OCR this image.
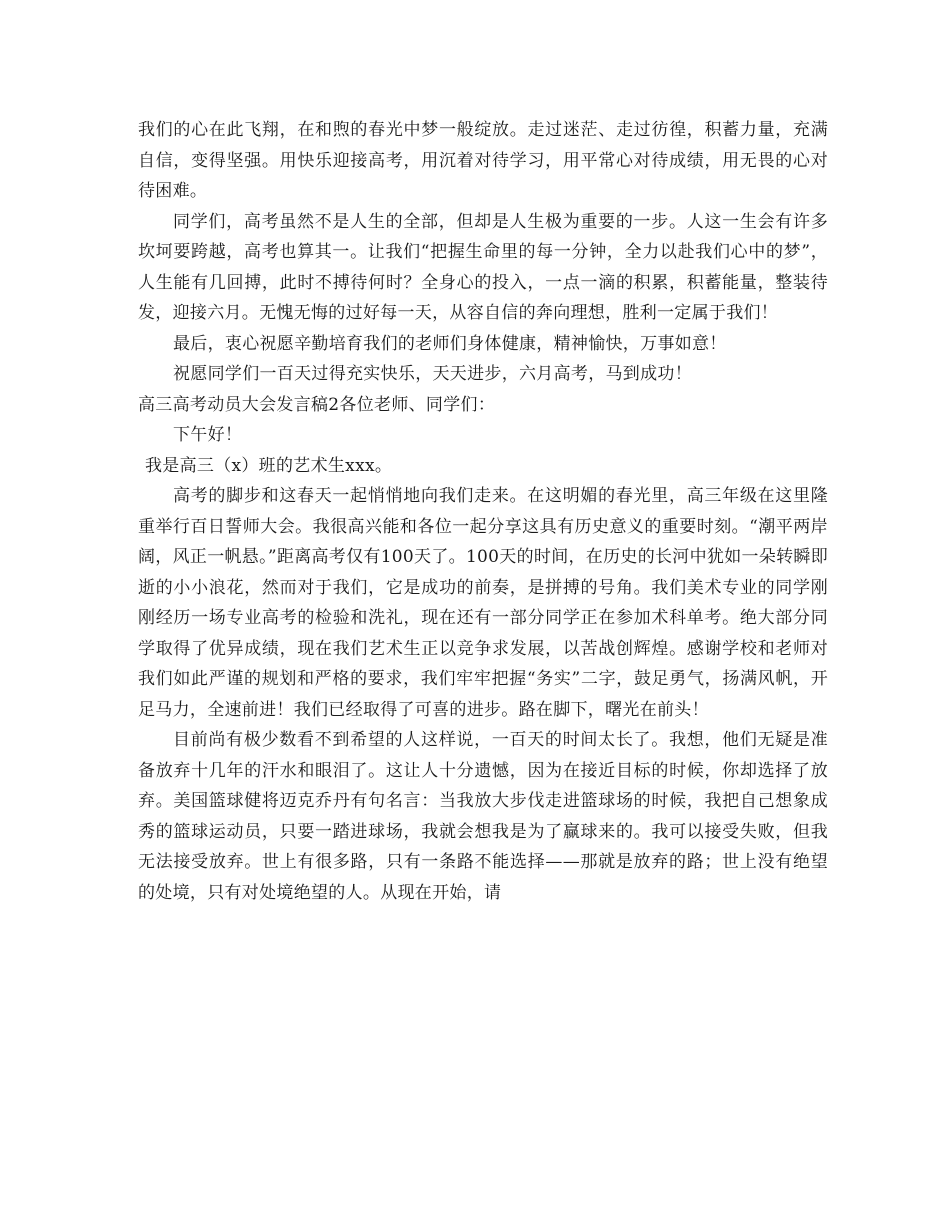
我们的心在此飞翔，在和煦的春光中梦一般绽放。走过迷茫、走过彷徨，积蓄力量，充满自信，变得坚强。用快乐迎接高考，用沉着对待学习，用平常心对待成绩，用无畏的心对待困难。

同学们，高考虽然不是人生的全部，但却是人生极为重要的一步。人这一生会有许多坎坷要跨越，高考也算其一。让我们“把握生命里的每一分钟，全力以赴我们心中的梦”，人生能有几回搏，此时不搏待何时？全身心的投入，一点一滴的积累，积蓄能量，整装待发，迎接六月。无愧无悔的过好每一天，从容自信的奔向理想，胜利一定属于我们！

最后，衷心祝愿辛勤培育我们的老师们身体健康，精神愉快，万事如意！

祝愿同学们一百天过得充实快乐，天天进步，六月高考，马到成功！

高三高考动员大会发言稿2各位老师、同学们：

下午好！

我是高三（x）班的艺术生xxx。

高考的脚步和这春天一起悄悄地向我们走来。在这明媚的春光里，高三年级在这里隆重举行百日誓师大会。我很高兴能和各位一起分享这具有历史意义的重要时刻。“潮平两岸阔，风正一帆悬。”距离高考仅有100天了。100天的时间，在历史的长河中犹如一朵转瞬即逝的小小浪花，然而对于我们，它是成功的前奏，是拼搏的号角。我们美术专业的同学刚刚经历一场专业高考的检验和洗礼，现在还有一部分同学正在参加术科单考。绝大部分同学取得了优异成绩，现在我们艺术生正以竞争求发展，以苦战创辉煌。感谢学校和老师对我们如此严谨的规划和严格的要求，我们牢牢把握“务实”二字，鼓足勇气，扬满风帆，开足马力，全速前进！我们已经取得了可喜的进步。路在脚下，曙光在前头！

目前尚有极少数看不到希望的人这样说，一百天的时间太长了。我想，他们无疑是准备放弃十几年的汗水和眼泪了。这让人十分遗憾，因为在接近目标的时候，你却选择了放弃。美国篮球健将迈克乔丹有句名言：当我放大步伐走进篮球场的时候，我把自己想象成秀的篮球运动员，只要一踏进球场，我就会想我是为了赢球来的。我可以接受失败，但我无法接受放弃。世上有很多路，只有一条路不能选择——那就是放弃的路；世上没有绝望的处境，只有对处境绝望的人。从现在开始，请
